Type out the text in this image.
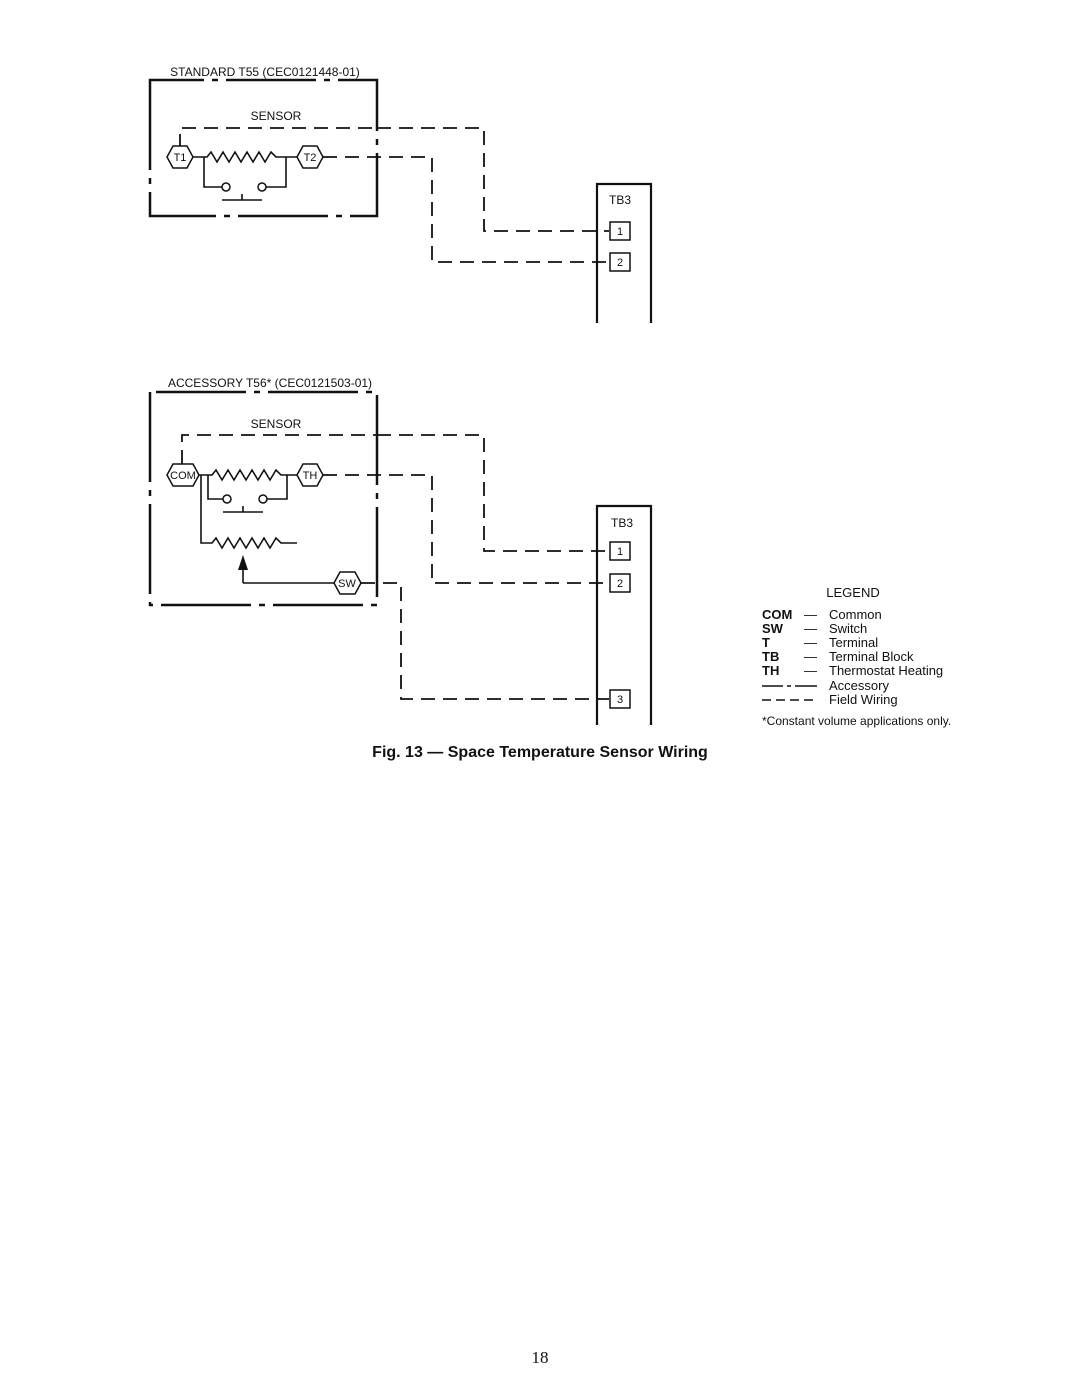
STANDARD T55 (CEC0121448-01)
SENSOR
T1	T2
TB3
1
2
ACCESSORY T56* (CEC0121503-01)
SENSOR
COM	TH
SW
TB3
1
2
3
LEGEND
COM — Common
SW — Switch
T	— Terminal
TB — Terminal Block
TH — Thermostat Heating
Accessory
Field Wiring
*Constant volume applications only.
Fig. 13 — Space Temperature Sensor Wiring
18
